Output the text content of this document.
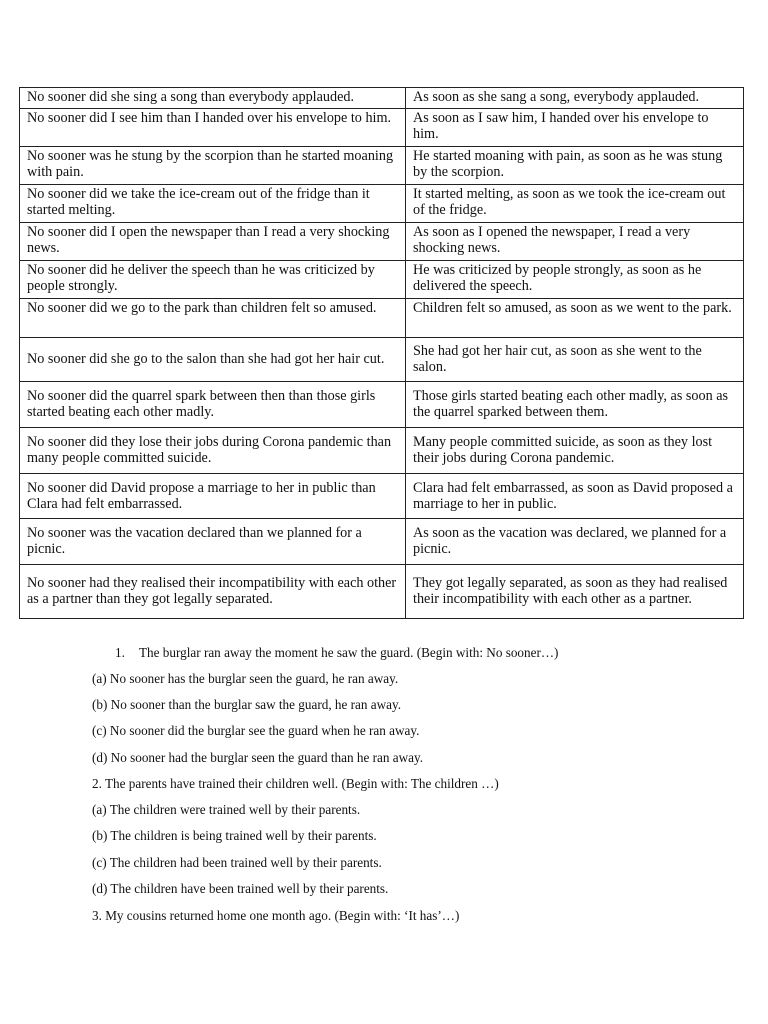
No sooner did she sing a song than everybody applauded.	As soon as she sang a song, everybody applauded.
No sooner did I see him than I handed over his envelope to him.	As soon as I saw him, I handed over his envelope to him.
No sooner was he stung by the scorpion than he started moaning with pain.	He started moaning with pain, as soon as he was stung by the scorpion.
No sooner did we take the ice-cream out of the fridge than it started melting.	It started melting, as soon as we took the ice-cream out of the fridge.
No sooner did I open the newspaper than I read a very shocking news.	As soon as I opened the newspaper, I read a very shocking news.
No sooner did he deliver the speech than he was criticized by people strongly.	He was criticized by people strongly, as soon as he delivered the speech.
No sooner did we go to the park than children felt so amused.	Children felt so amused, as soon as we went to the park.
No sooner did she go to the salon than she had got her hair cut.	She had got her hair cut, as soon as she went to the salon.
No sooner did the quarrel spark between then than those girls started beating each other madly.	Those girls started beating each other madly, as soon as the quarrel sparked between them.
No sooner did they lose their jobs during Corona pandemic than many people committed suicide.	Many people committed suicide, as soon as they lost their jobs during Corona pandemic.
No sooner did David propose a marriage to her in public than Clara had felt embarrassed.	Clara had felt embarrassed, as soon as David proposed a marriage to her in public.
No sooner was the vacation declared than we planned for a picnic.	As soon as the vacation was declared, we planned for a picnic.
No sooner had they realised their incompatibility with each other as a partner than they got legally separated.	They got legally separated, as soon as they had realised their incompatibility with each other as a partner.
1. The burglar ran away the moment he saw the guard. (Begin with: No sooner…)
(a) No sooner has the burglar seen the guard, he ran away.
(b) No sooner than the burglar saw the guard, he ran away.
(c) No sooner did the burglar see the guard when he ran away.
(d) No sooner had the burglar seen the guard than he ran away.
2. The parents have trained their children well. (Begin with: The children …)
(a) The children were trained well by their parents.
(b) The children is being trained well by their parents.
(c) The children had been trained well by their parents.
(d) The children have been trained well by their parents.
3. My cousins returned home one month ago. (Begin with: ‘It has’…)
